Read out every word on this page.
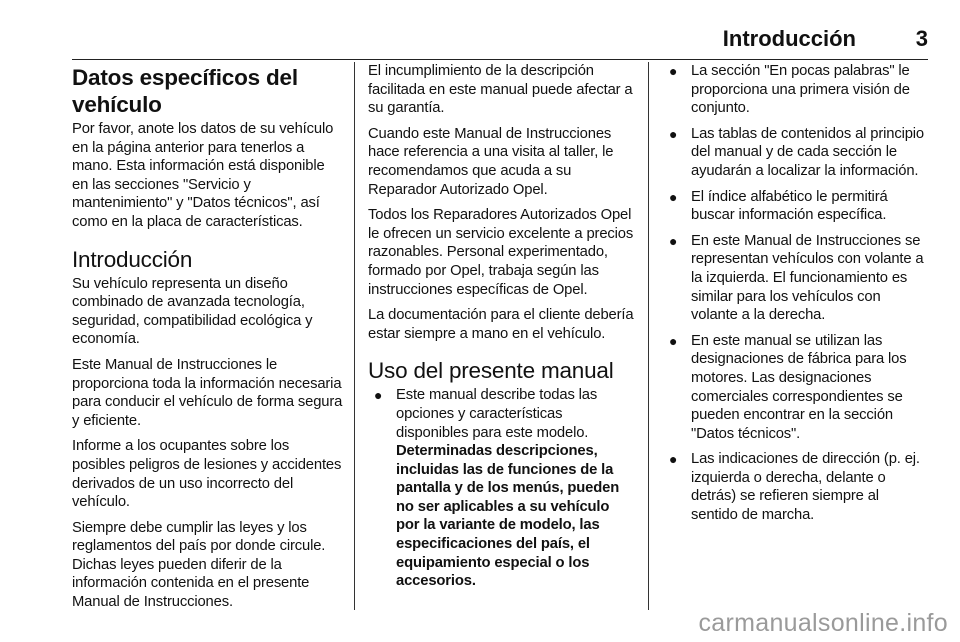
Introducción	3
Datos específicos del vehículo

Por favor, anote los datos de su vehículo en la página anterior para tenerlos a mano. Esta información está disponible en las secciones "Servicio y mantenimiento" y "Datos técnicos", así como en la placa de características.

Introducción

Su vehículo representa un diseño combinado de avanzada tecnología, seguridad, compatibilidad ecológica y economía.

Este Manual de Instrucciones le proporciona toda la información necesaria para conducir el vehículo de forma segura y eficiente.

Informe a los ocupantes sobre los posibles peligros de lesiones y accidentes derivados de un uso incorrecto del vehículo.

Siempre debe cumplir las leyes y los reglamentos del país por donde circule. Dichas leyes pueden diferir de la información contenida en el presente Manual de Instrucciones.

El incumplimiento de la descripción facilitada en este manual puede afectar a su garantía.

Cuando este Manual de Instrucciones hace referencia a una visita al taller, le recomendamos que acuda a su Reparador Autorizado Opel.

Todos los Reparadores Autorizados Opel le ofrecen un servicio excelente a precios razonables. Personal experimentado, formado por Opel, trabaja según las instrucciones específicas de Opel.

La documentación para el cliente debería estar siempre a mano en el vehículo.

Uso del presente manual
● Este manual describe todas las opciones y características disponibles para este modelo.
Determinadas descripciones, incluidas las de funciones de la pantalla y de los menús, pueden no ser aplicables a su vehículo por la variante de modelo, las especificaciones del país, el equipamiento especial o los accesorios.
● La sección "En pocas palabras" le proporciona una primera visión de conjunto.
● Las tablas de contenidos al principio del manual y de cada sección le ayudarán a localizar la información.
● El índice alfabético le permitirá buscar información específica.
● En este Manual de Instrucciones se representan vehículos con volante a la izquierda. El funcionamiento es similar para los vehículos con volante a la derecha.
● En este manual se utilizan las designaciones de fábrica para los motores. Las designaciones comerciales correspondientes se pueden encontrar en la sección "Datos técnicos".
● Las indicaciones de dirección (p. ej. izquierda o derecha, delante o detrás) se refieren siempre al sentido de marcha.
carmanualsonline.info
